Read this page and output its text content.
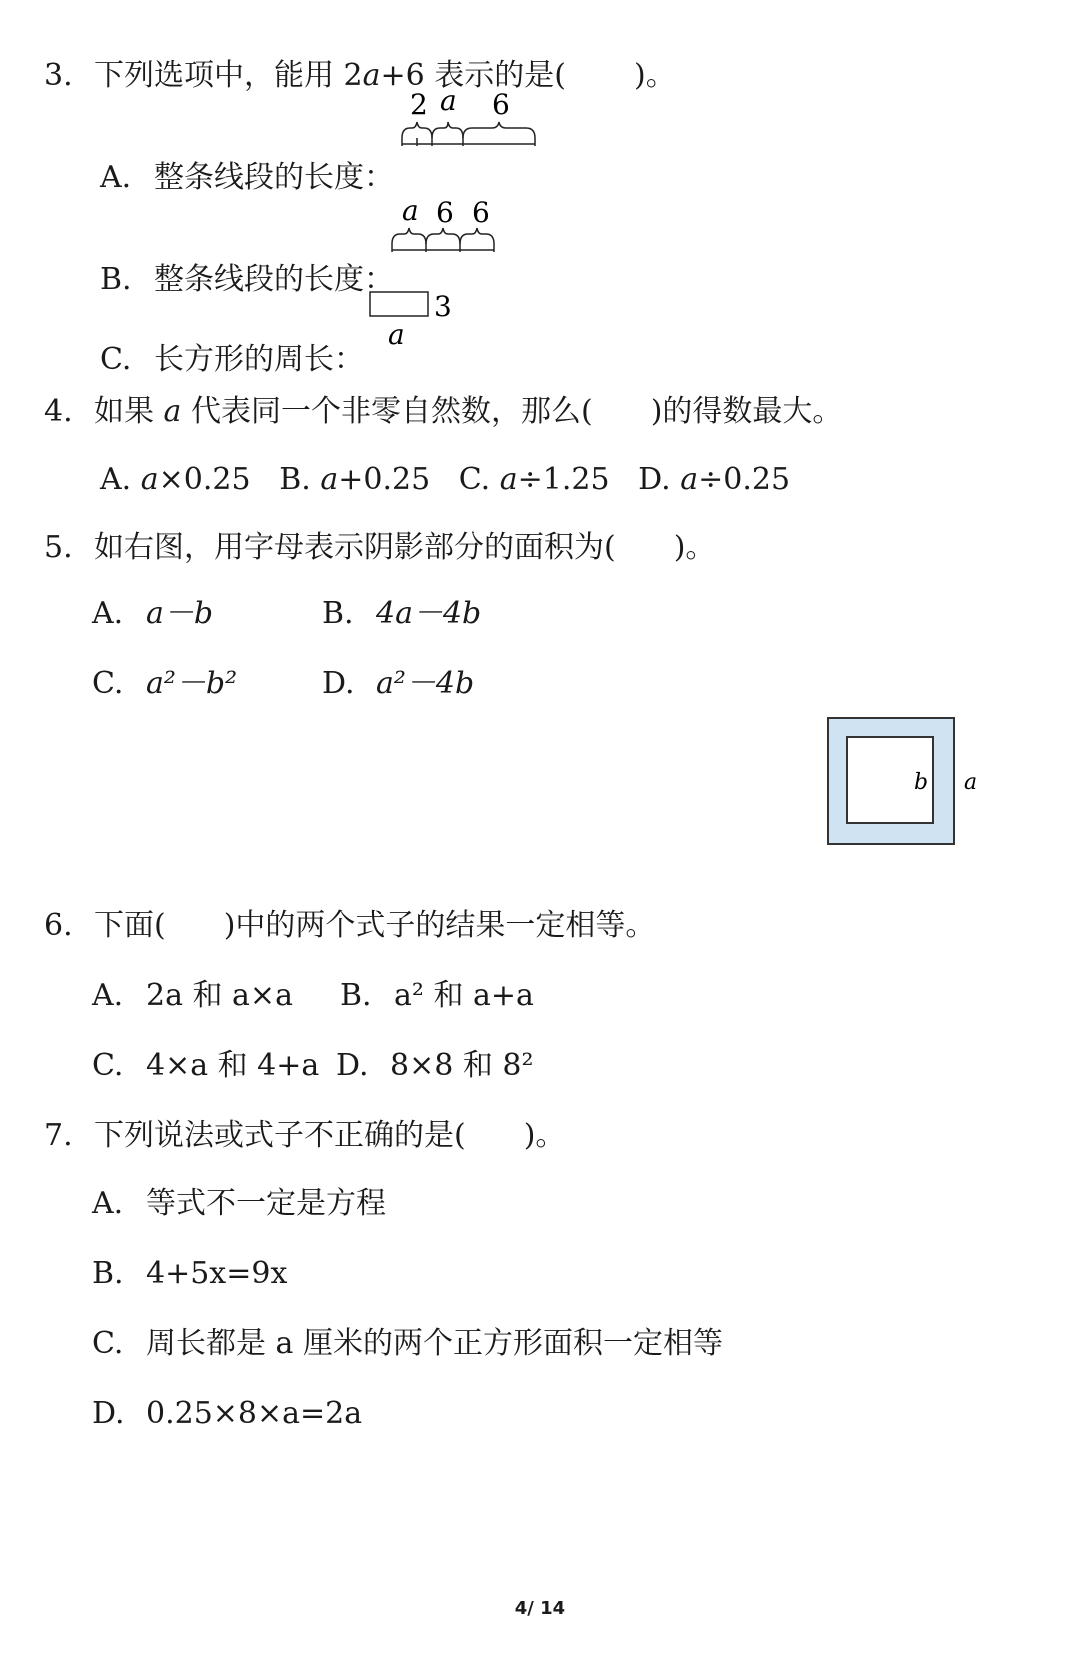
3. 下列选项中，能用 2a+6 表示的是( )。

A. 整条线段的长度：

2 a 6

B. 整条线段的长度：

a 6 6

C. 长方形的周长：

3
a

4. 如果 a 代表同一个非零自然数，那么( )的得数最大。

A. a×0.25 B. a+0.25 C. a÷1.25 D. a÷0.25

5. 如右图，用字母表示阴影部分的面积为( )。

A. a－b	B. 4a－4b

C. a²－b²	D. a²－4b

b a

6. 下面( )中的两个式子的结果一定相等。

A. 2a 和 a×a B. a² 和 a+a

C. 4×a 和 4+a D. 8×8 和 8²

7. 下列说法或式子不正确的是( )。

A. 等式不一定是方程

B. 4+5x=9x

C. 周长都是 a 厘米的两个正方形面积一定相等

D. 0.25×8×a=2a

4/ 14
